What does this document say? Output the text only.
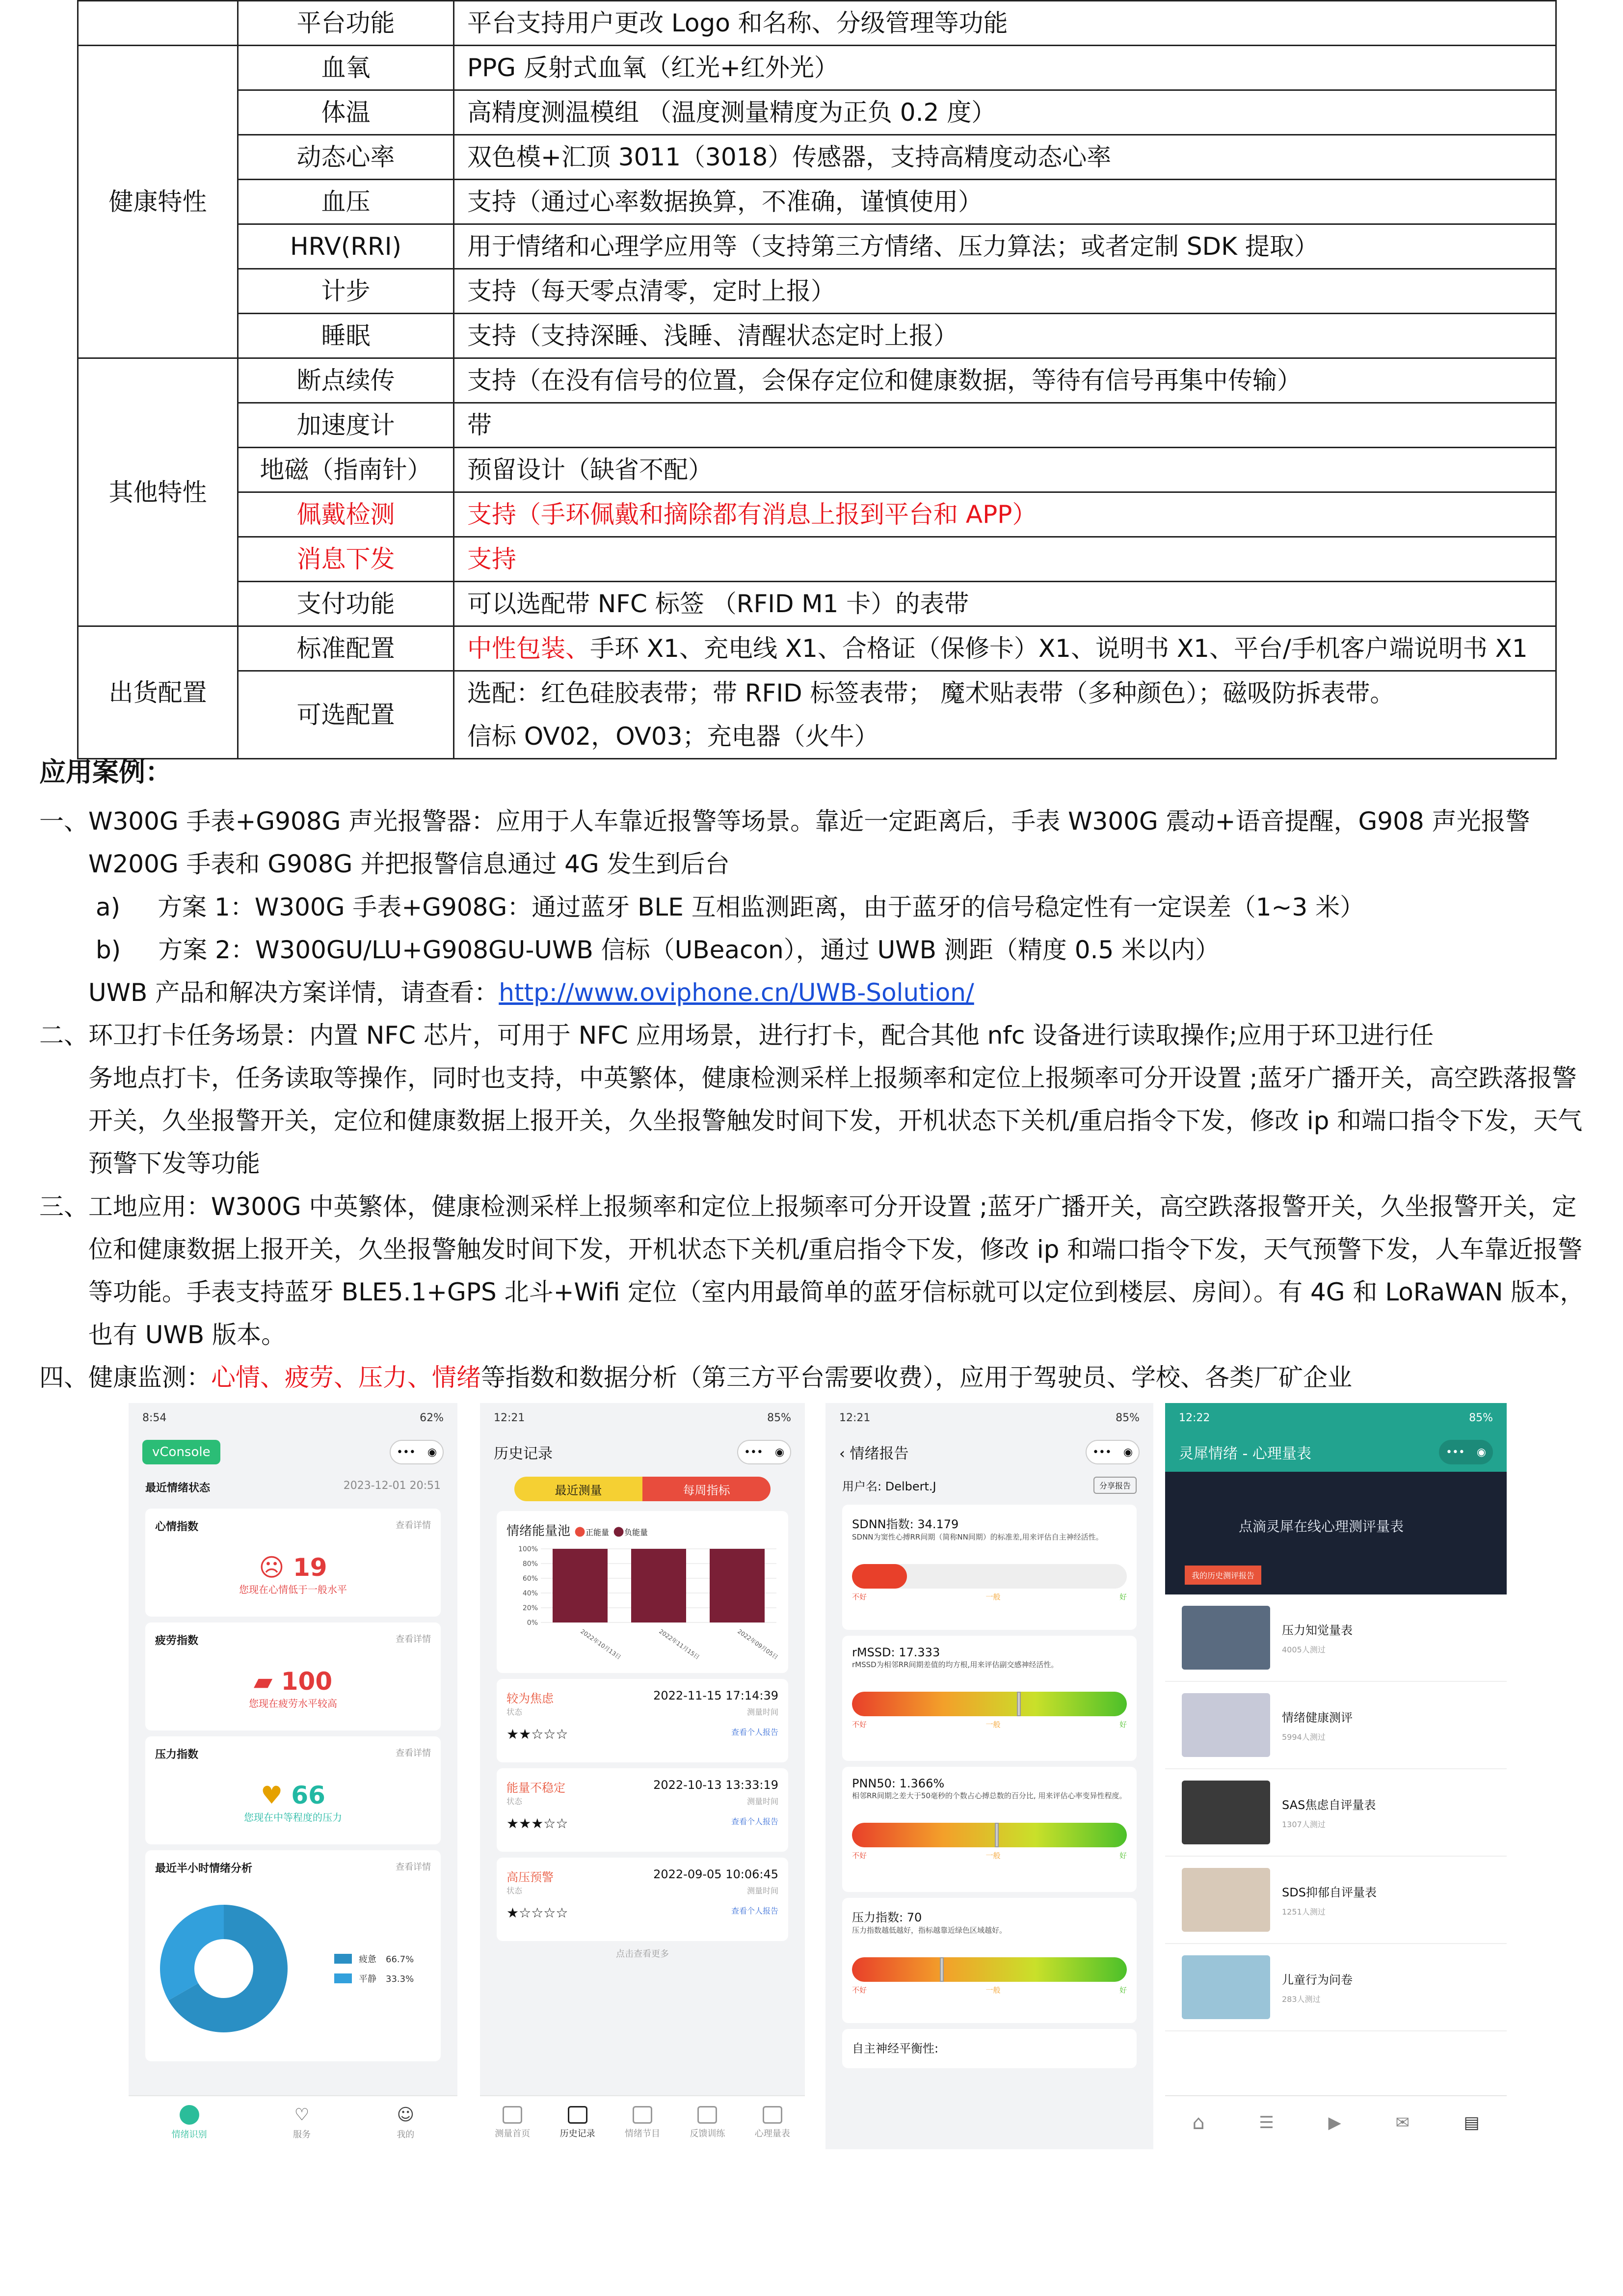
	平台功能	平台支持用户更改 Logo 和名称、分级管理等功能
健康特性	血氧	PPG 反射式血氧（红光+红外光）
	体温	高精度测温模组 （温度测量精度为正负 0.2 度）
	动态心率	双色模+汇顶 3011（3018）传感器，支持高精度动态心率
	血压	支持（通过心率数据换算，不准确，谨慎使用）
	HRV(RRI)	用于情绪和心理学应用等（支持第三方情绪、压力算法；或者定制 SDK 提取）
	计步	支持（每天零点清零，定时上报）
	睡眠	支持（支持深睡、浅睡、清醒状态定时上报）
其他特性	断点续传	支持（在没有信号的位置，会保存定位和健康数据，等待有信号再集中传输）
	加速度计	带
	地磁（指南针）	预留设计（缺省不配）
	佩戴检测	支持（手环佩戴和摘除都有消息上报到平台和 APP）
	消息下发	支持
	支付功能	可以选配带 NFC 标签 （RFID M1 卡）的表带
出货配置	标准配置	中性包装、手环 X1、充电线 X1、合格证（保修卡）X1、说明书 X1、平台/手机客户端说明书 X1
	可选配置	选配：红色硅胶表带；带 RFID 标签表带； 魔术贴表带（多种颜色）；磁吸防拆表带。
信标 OV02，OV03；充电器（火牛）
应用案例：
一、 W300G 手表+G908G 声光报警器：应用于人车靠近报警等场景。靠近一定距离后，手表 W300G 震动+语音提醒，G908 声光报警 W200G 手表和 G908G 并把报警信息通过 4G 发生到后台
a) 方案 1：W300G 手表+G908G：通过蓝牙 BLE 互相监测距离，由于蓝牙的信号稳定性有一定误差（1~3 米）
b) 方案 2：W300GU/LU+G908GU-UWB 信标（UBeacon），通过 UWB 测距（精度 0.5 米以内）
UWB 产品和解决方案详情，请查看：http://www.oviphone.cn/UWB-Solution/
二、 环卫打卡任务场景：内置 NFC 芯片，可用于 NFC 应用场景，进行打卡，配合其他 nfc 设备进行读取操作;应用于环卫进行任
务地点打卡，任务读取等操作，同时也支持，中英繁体，健康检测采样上报频率和定位上报频率可分开设置 ;蓝牙广播开关，高空跌落报警开关，久坐报警开关，定位和健康数据上报开关，久坐报警触发时间下发，开机状态下关机/重启指令下发，修改 ip 和端口指令下发，天气预警下发等功能
三、 工地应用：W300G 中英繁体，健康检测采样上报频率和定位上报频率可分开设置 ;蓝牙广播开关，高空跌落报警开关，久坐报警开关，定位和健康数据上报开关，久坐报警触发时间下发，开机状态下关机/重启指令下发，修改 ip 和端口指令下发，天气预警下发，人车靠近报警等功能。手表支持蓝牙 BLE5.1+GPS 北斗+Wifi 定位（室内用最简单的蓝牙信标就可以定位到楼层、房间）。有 4G 和 LoRaWAN 版本，也有 UWB 版本。
四、 健康监测：心情、疲劳、压力、情绪等指数和数据分析（第三方平台需要收费），应用于驾驶员、学校、各类厂矿企业
8:54	62%
vConsole	••• ◉
最近情绪状态	2023-12-01 20:51
心情指数	查看详情
☹ 19
您现在心情低于一般水平
疲劳指数	查看详情
▰ 100
您现在疲劳水平较高
压力指数	查看详情
♥ 66
您现在中等程度的压力
最近半小时情绪分析	查看详情
疲惫 66.7%
平静 33.3%
情绪识别
♡
服务
☺
我的
12:21	85%
历史记录	••• ◉
最近测量	每周指标
情绪能量池 ●正能量 ●负能量
100%
80%
60%
40%
20%
0%
2022年10月13日	2022年11月15日	2022年09月05日
较为焦虑	2022-11-15 17:14:39
状态	测量时间
★★☆☆☆	查看个人报告
能量不稳定	2022-10-13 13:33:19
状态	测量时间
★★★☆☆	查看个人报告
高压预警	2022-09-05 10:06:45
状态	测量时间
★☆☆☆☆	查看个人报告
点击查看更多
测量首页	历史记录	情绪节目	反馈训练	心理量表
12:21	85%
‹ 情绪报告	••• ◉
用户名: Delbert.J	分享报告
SDNN指数: 34.179
SDNN为窦性心搏RR间期（简称NN间期）的标准差,用来评估自主神经活性。
不好	一般	好
rMSSD: 17.333
rMSSD为相邻RR间期差值的均方根,用来评估副交感神经活性。
不好	一般	好
PNN50: 1.366%
相邻RR间期之差大于50毫秒的个数占心搏总数的百分比, 用来评估心率变异性程度。
不好	一般	好
压力指数: 70
压力指数越低越好，指标越靠近绿色区域越好。
不好	一般	好
自主神经平衡性:
12:22	85%
灵犀情绪 - 心理量表	••• ◉
点滴灵犀在线心理测评量表
我的历史测评报告
压力知觉量表
4005人测过
情绪健康测评
5994人测过
SAS焦虑自评量表
1307人测过
SDS抑郁自评量表
1251人测过
儿童行为问卷
283人测过
⌂	☰	▶	✉	▤
